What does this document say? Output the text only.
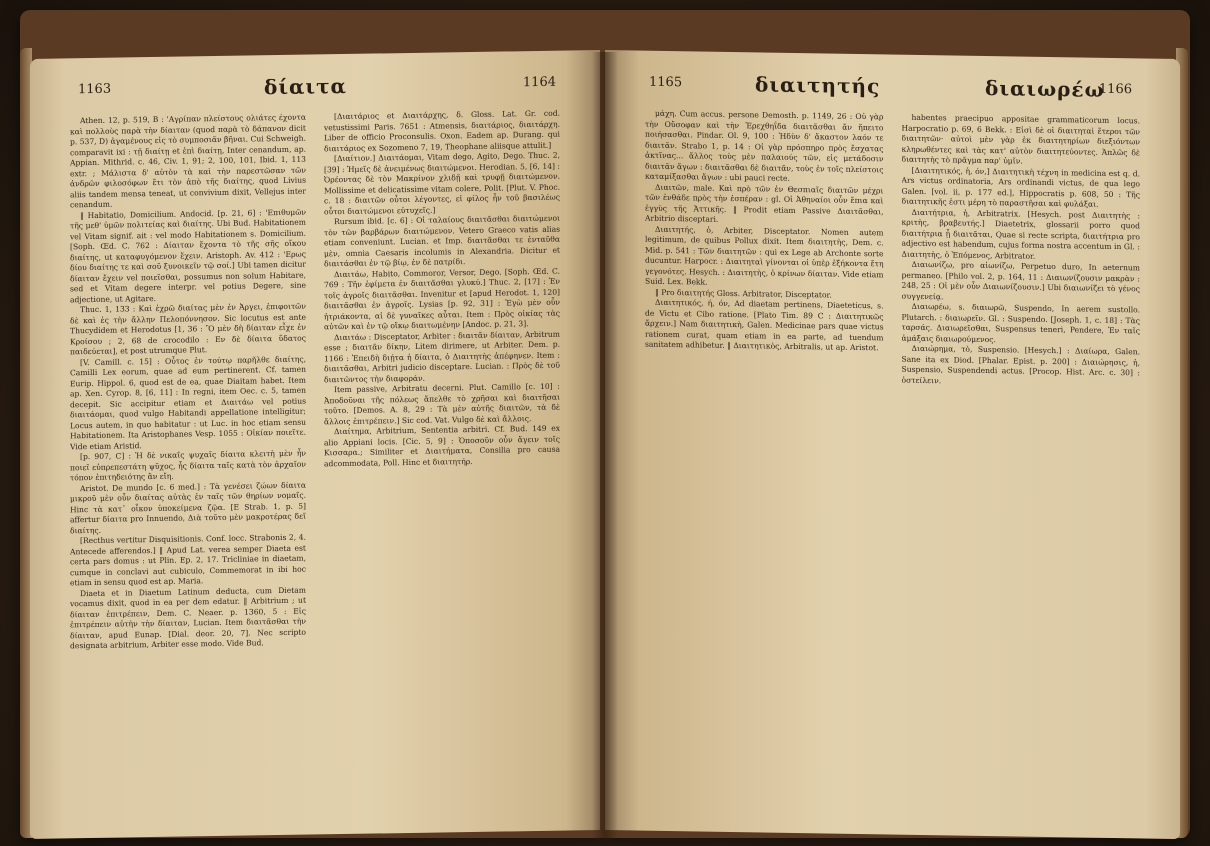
1163	δίαιτα	1164

Athen. 12, p. 519, B : 'Αγρίπαν πλείστους ολιάτες έχοντα καὶ πολλοὺς παρὰ τὴν δίαιταν (quod παρὰ τὸ δάπανον dicit p. 537, D) ἀγαμένους εἰς τὸ συμποσιᾶν βῆναι. Cui Schweigh. comparavit ixi : τῇ διαίτῃ et ἐπὶ διαίτῃ, Inter cenandum, ap. Appian. Mithrid. c. 46, Civ. 1, 91; 2, 100, 101, Ibid. 1, 113 extr. ; Μάλιστα δ' αὐτὸν τὰ καὶ τὴν παρεστῶσαν τῶν ἀνδρῶν φιλοσόφων ἔτι τὸν ἀπὸ τῆς διαίτης, quod Livius aliis tandem mensa teneat, ut convivium dixit, Vellejus inter cenandum.

‖ Habitatio, Domicilium. Andocid. [p. 21, 6] : 'Επιθυμῶν τῆς μεθ' ὑμῶν πολιτείας καὶ διαίτης. Ubi Bud. Habitationem vel Vitam signif. ait : vel modo Habitationem s. Domicilium. [Soph. Œd. C. 762 : Δίαιταν ἔχοντα τὸ τῆς σῆς οἴκου διαίτης, ut καταφυγόμενον ἔχειν. Aristoph. Av. 412 : 'Ερως δίου διαίτης τε καὶ σοῦ ξυνοικεῖν τῷ σοί.] Ubi tamen dicitur δίαιταν ἔχειν vel ποιεῖσθαι, possumus non solum Habitare, sed et Vitam degere interpr. vel potius Degere, sine adjectione, ut Agitare.

Thuc. 1, 133 : Καὶ ἐχρῶ διαίτας μὲν ἐν Ἀργει, ἐπιφοιτῶν δὲ καὶ ἐς τὴν ἄλλην Πελοπόννησον. Sic locutus est ante Thucydidem et Herodotus [1, 36 : Ὃ μὲν δὴ δίαιταν εἶχε ἐν Κροίσου ; 2, 68 de crocodilo : Εν δὲ δίαιτα ὕδατος παιδεύεται], et post utrumque Plut.

[V. Camill. c. 15] : Οὗτος ἐν τούτῳ παρῆλθε διαίτης, Camilli Lex eorum, quae ad eum pertinerent. Cf. tamen Eurip. Hippol. 6, quod est de ea, quae Diaitam habet. Item ap. Xen. Cyrop. 8, [6, 11] : In regni, item Oec. c. 5, tamen decepit. Sic accipitur etiam et Διαιτάω vel potius διαιτάομαι, quod vulgo Habitandi appellatione intelligitur; Locus autem, in quo habitatur : ut Luc. in hoc etiam sensu Habitationem. Ita Aristophanes Vesp. 1055 : Οἰκίαν ποιεῖτε. Vide etiam Aristid.

[p. 907, C] : Ἡ δὲ νικαῖς ψυχαῖς δίαιτα κλειτὴ μὲν ἦν ποιεῖ εὐπρεπεστάτη ψῦχος, ἧς δίαιτα ταῖς κατὰ τὸν ἀρχαῖον τόπον ἐπιτηδειότης ἂν εἴη.

Aristot. De mundo [c. 6 med.] : Τὰ γενέσει ζώων δίαιτα μικροῦ μὲν οὖν διαίτας αὐτὰς ἐν ταῖς τῶν θηρίων νομαῖς. Hinc τὰ κατ᾽ οἶκον ὑποκείμενα ζῷα. [E Strab. 1, p. 5] affertur δίαιτα pro Innuendo, Διὰ τοῦτο μὲν μακροτέρας δεῖ διαίτης.

[Recthus vertitur Disquisitionis. Conf. locc. Strabonis 2, 4. Antecede afferendos.] ‖ Apud Lat. verea semper Diaeta est certa pars domus : ut Plin. Ep. 2, 17. Tricliniae in diaetam, cumque in conclavi aut cubiculo, Commemorat in ibi hoc etiam in sensu quod est ap. Maria.

Diaeta et in Diaetum Latinum deducta, cum Dietam vocamus dixit, quod in ea per dem edatur. ‖ Arbitrium ; ut δίαιταν ἐπιτρέπειν, Dem. C. Neaer. p. 1360, 5 : Εἰς ἐπιτρέπειν αὐτὴν τὴν δίαιταν, Lucian. Item διαιτᾶσθαι τὴν δίαιταν, apud Eunap. [Dial. deor. 20, 7]. Nec scripto designata arbitrium, Arbiter esse modo. Vide Bud.

[Διαιτάριος et Διαιτάρχης, δ. Gloss. Lat. Gr. cod. vetustissimi Paris. 7651 : Atmensis, διαιτάριος, διαιτάρχη. Liber de officio Proconsulis. Oxon. Eadem ap. Durang. qui διαιτάριος ex Sozomeno 7, 19, Theophane aliisque attulit.]

[Διαίτιον.] Διαιτάομαι, Vitam dego, Agito, Dego. Thuc. 2, [39] : Ἡμεῖς δὲ ἀνειμένως διαιτώμενοι. Herodian. 5, [6, 14] : Ὀρέοντας δὲ τὸν Μακρίνον χλιδῇ καὶ τρυφῇ διαιτώμενον. Mollissime et delicatissime vitam colere, Polit. [Plut. V. Phoc. c. 18 : διαιτῶν οὖτοι λέγοντες, εἰ φίλος ἦν τοῦ βασιλέως οὗτοι διαιτώμενοι εὐτυχεῖς.]

Rursum ibid. [c. 6] : Οἱ ταλαίους διαιτᾶσθαι διαιτώμενοι τὸν τῶν βαρβάρων διαιτώμενον. Vetero Graeco vatis alias etiam conveniunt. Lucian. et Imp. διαιτᾶσθαι τε ἐνταῦθα μὲν, omnia Caesaris incolumis in Alexandria. Dicitur et διαιτάσθαι ἐν τῷ βίῳ, ἐν δὲ πατρίδι.

Διαιτάω, Habito, Commoror, Versor, Dego. [Soph. Œd. C. 769 : Τῆν ἐφίμετα ἐν διαιτᾶσθαι γλυκύ.] Thuc. 2, [17] : Ἐν τοῖς ἀγροῖς διαιτᾶσθαι. Invenitur et [apud Herodot. 1, 120] διαιτᾶσθαι ἐν ἀγροῖς. Lysias [p. 92, 31] : Ἐγὼ μὲν οὖν ἡτριάκοντα, αἱ δὲ γυναῖκες αὗται. Item : Πρὸς οἰκίας τὰς αὐτῶν καὶ ἐν τῷ οἴκῳ διαιτωμένην [Andoc. p. 21, 3].

Διαιτάω : Disceptator, Arbiter : διαιτᾶν δίαιταν, Arbitrum esse ; διαιτᾶν δίκην, Litem dirimere, ut Arbiter. Dem. p. 1166 : Ἐπειδὴ διῄτα ἡ δίαιτα, ὁ Διαιτητὴς ἀπέφηνεν. Item : διαιτᾶσθαι, Arbitri judicio disceptare. Lucian. : Πρὸς δὲ τοῦ διαιτῶντος τὴν διαφοράν.

Item passive, Arbitratu decerni. Plut. Camillo [c. 10] : Ἀποδοῦναι τῆς πόλεως ἄπελθε τὸ χρῆσαι καὶ διαιτῆσαι τοῦτο. [Demos. A. 8, 29 : Τὰ μὲν αὐτῆς διαιτῶν, τὰ δὲ ἄλλοις ἐπιτρέπειν.] Sic cod. Vat. Vulgo δὲ καὶ ἄλλοις.

Διαίτημα, Arbitrium, Sententia arbitri. Cf. Bud. 149 ex alio Appiani locis. [Cic. 5, 9] : Ὁποσοῦν οὖν ἄγειν τοῖς Κισσαρα.; Similiter et Διαιτήματα, Consilia pro causa adcommodata, Poll. Hinc et διαιτητήρ.

1165	διαιτητής	διαιωρέω
1166

μάχη. Cum accus. persone Demosth. p. 1149, 26 : Οὐ γὰρ τὴν Οὔσοφαν καὶ τὴν Ἐρεχθηΐδα διαιτᾶσθαι ἄν ἤπειτο ποιήσασθαι. Pindar. Ol. 9, 100 : Ἠδὺν δ' ἄκαστον λαόν τε διαιτᾶν. Strabo 1, p. 14 : Οἱ γὰρ πρόσπηρο πρὸς ἔσχατας ἀκτῖνας... ἄλλος τοὺς μὲν παλαιούς τῶν, εἰς μετάδοσιν διαιτᾶν ἄγων : διαιτᾶσθαι δὲ διαιτᾶν, τοὺς ἐν τοῖς πλείστοις καταμίξασθαι ἄγων : ubi pauci recte.

Διαιτῶν, male. Καὶ πρὸ τῶν ἐν Θεσπιαῖς διαιτῶν μέχρι τῶν ἐνθάδε πρὸς τὴν ἐσπέραν : gl. Οἱ Ἀθηναίοι οὖν ἔπια καὶ ἐγγὺς τῆς Ἀττικῆς. ‖ Prodit etiam Passive Διαιτᾶσθαι, Arbitrio disceptari.

Διαιτητής, ὁ, Arbiter, Disceptator. Nomen autem legitimum, de quibus Pollux dixit. Item διαιτητὴς, Dem. c. Mid. p. 541 : Τῶν διαιτητῶν : qui ex Lege ab Archonte sorte ducuntur. Harpocr. : Διαιτηταὶ γίνονται οἱ ὑπὲρ ἑξήκοντα ἔτη γεγονότες. Hesych. : Διαιτητὴς, ὁ κρίνων δίαιταν. Vide etiam Suid. Lex. Bekk.

‖ Pro διαιτητής Gloss. Arbitrator, Disceptator.

Διαιτητικός, ή, όν, Ad diaetam pertinens, Diaeteticus, s. de Victu et Cibo ratione. [Plato Tim. 89 C : Διαιτητικῶς ἄρχειν.] Nam διαιτητικὴ, Galen. Medicinae pars quae victus rationem curat, quam etiam in ea parte, ad tuendum sanitatem adhibetur. ‖ Διαιτητικὸς, Arbitralis, ut ap. Aristot.

habentes praecipuo appositae grammaticorum locus. Harpocratio p. 69, 6 Bekk. : Εἰσὶ δὲ οἱ διαιτηταὶ ἕτεροι τῶν διαιτητῶν· αὐτοὶ μὲν γὰρ ἐκ διαιτητηρίων διεξιόντων κληρωθέντες καὶ τὰς κατ' αὐτὸν διαιτητεύοντες. Ἁπλῶς δὲ διαιτητὴς τὸ πρᾶγμα παρ' ὑμῖν.

[Διαιτητικός, ἡ, όν,] Διαιτητικὴ τέχνη in medicina est q. d. Ars victus ordinatoria, Ars ordinandi victus, de qua lego Galen. [vol. ii, p. 177 ed.], Hippocratis p. 608, 50 : Τῆς διαιτητικῆς ἐστι μέρη τὸ παραστῆσαι καὶ φυλάξαι.

Διαιτήτρια, ἡ, Arbitratrix. [Hesych. post Διαιτητὴς : κριτὴς, βραβευτής.] Diaetetrix, glossarii porro quod διαιτήτρια ᾗ διαιτᾶται, Quae si recte scripta, διαιτήτρια pro adjectivo est habendum, cujus forma nostra accentum in Gl. : Διαιτητὴς, ὁ Ἐπόμενος, Arbitrator.

Διαιωνίζω, pro αἰωνίζω, Perpetuo duro, In aeternum permaneo. [Philo vol. 2, p. 164, 11 : Διαιωνίζουσιν μακρὰν : 248, 25 : Οἱ μὲν οὖν Διαιωνίζουσιν.] Ubi διαιωνίζει τὸ γένος συγγενείᾳ.

Διαιωρέω, s. διαιωρῶ, Suspendo, In aerem sustollo. Plutarch. : διαιωρεῖν. Gl. : Suspendo. [Joseph. 1, c. 18] : Τὰς ταρσάς. Διαιωρεῖσθαι, Suspensus teneri, Pendere, Ἐν ταῖς ἀμάξαις διαιωρούμενος.

Διαιώρημα, τὸ, Suspensio. [Hesych.] : Διαίωρα, Galen. Sane ita ex Diod. [Phalar. Epist. p. 200] : Διαιώρησις, ἡ, Suspensio, Suspendendi actus. [Procop. Hist. Arc. c. 30] : ὀστείλειν.
